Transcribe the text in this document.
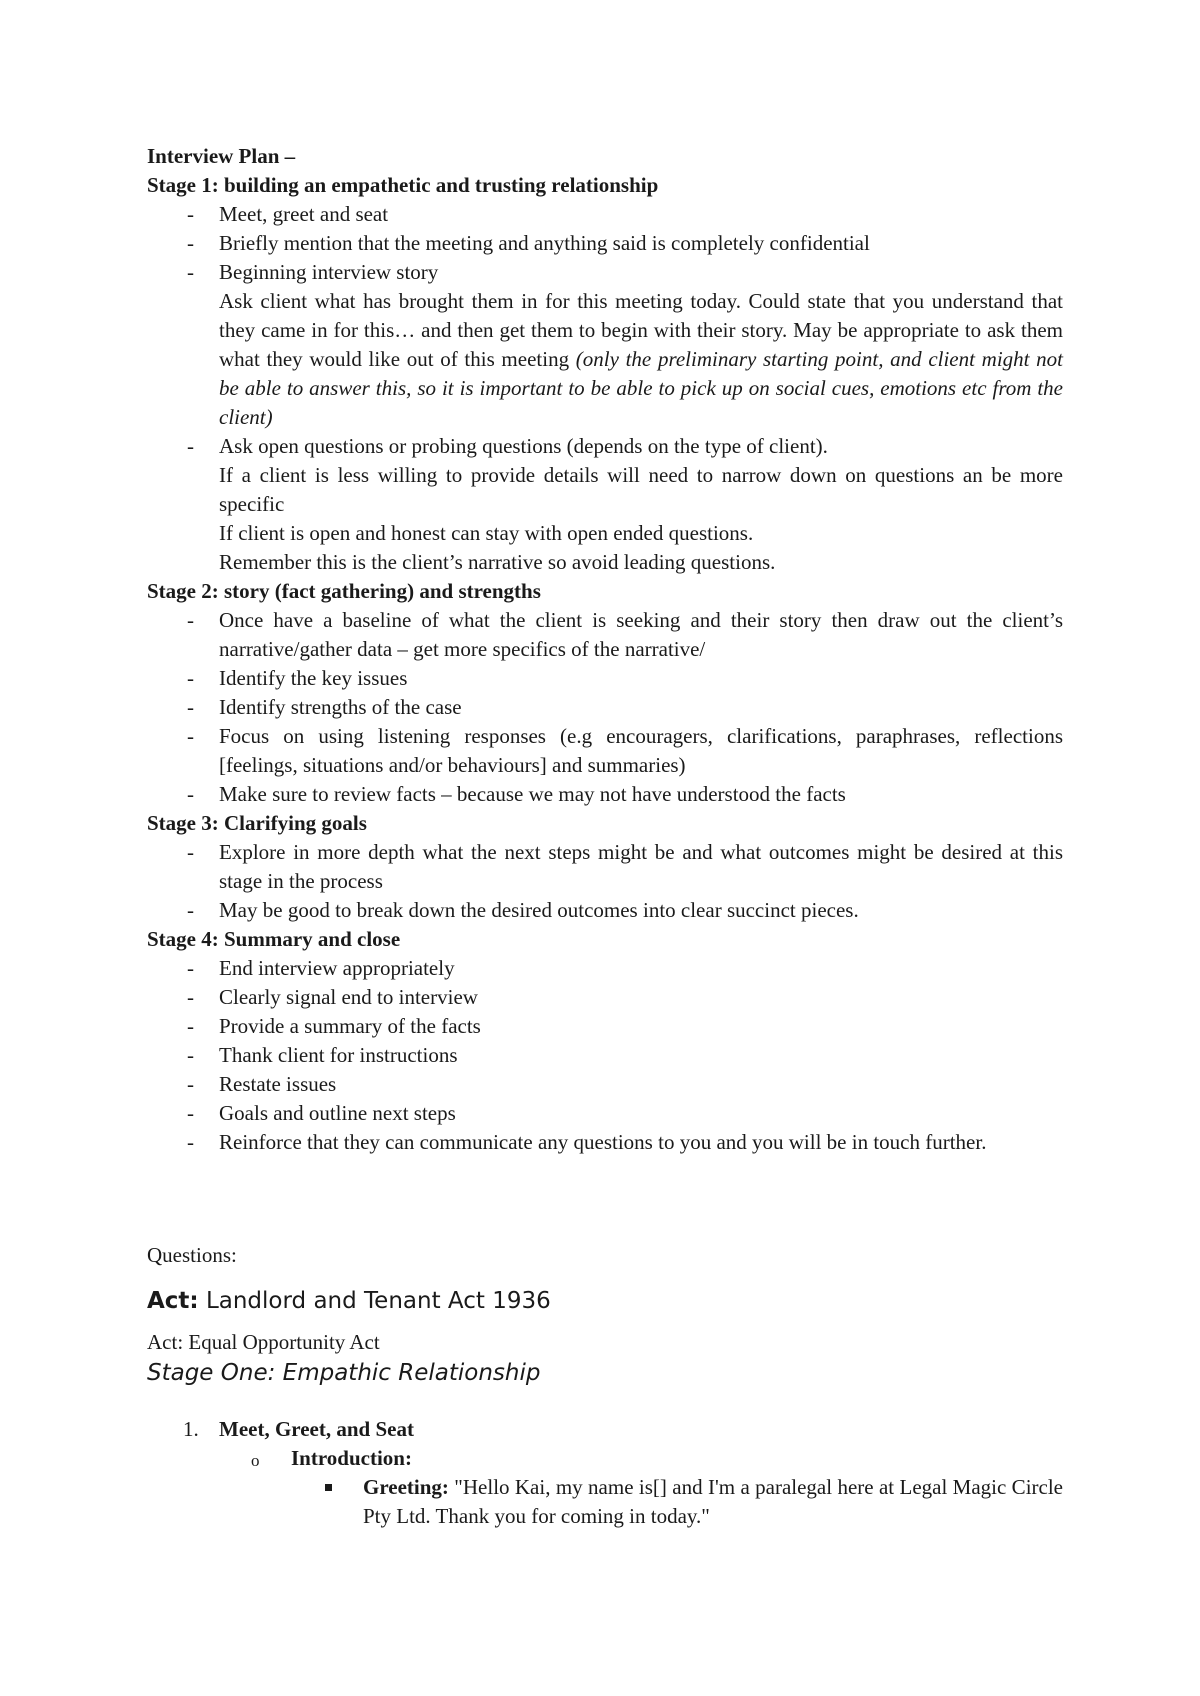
Interview Plan –
Stage 1: building an empathetic and trusting relationship
- Meet, greet and seat
- Briefly mention that the meeting and anything said is completely confidential
- Beginning interview story
Ask client what has brought them in for this meeting today. Could state that you understand that they came in for this… and then get them to begin with their story. May be appropriate to ask them what they would like out of this meeting (only the preliminary starting point, and client might not be able to answer this, so it is important to be able to pick up on social cues, emotions etc from the client)
- Ask open questions or probing questions (depends on the type of client).
If a client is less willing to provide details will need to narrow down on questions an be more specific
If client is open and honest can stay with open ended questions.
Remember this is the client’s narrative so avoid leading questions.
Stage 2: story (fact gathering) and strengths
- Once have a baseline of what the client is seeking and their story then draw out the client’s narrative/gather data – get more specifics of the narrative/
- Identify the key issues
- Identify strengths of the case
- Focus on using listening responses (e.g encouragers, clarifications, paraphrases, reflections [feelings, situations and/or behaviours] and summaries)
- Make sure to review facts – because we may not have understood the facts
Stage 3: Clarifying goals
- Explore in more depth what the next steps might be and what outcomes might be desired at this stage in the process
- May be good to break down the desired outcomes into clear succinct pieces.
Stage 4: Summary and close
- End interview appropriately
- Clearly signal end to interview
- Provide a summary of the facts
- Thank client for instructions
- Restate issues
- Goals and outline next steps
- Reinforce that they can communicate any questions to you and you will be in touch further.
Questions:
Act: Landlord and Tenant Act 1936
Act: Equal Opportunity Act
Stage One: Empathic Relationship
1. Meet, Greet, and Seat
o Introduction:
Greeting: "Hello Kai, my name is[] and I'm a paralegal here at Legal Magic Circle Pty Ltd. Thank you for coming in today."
